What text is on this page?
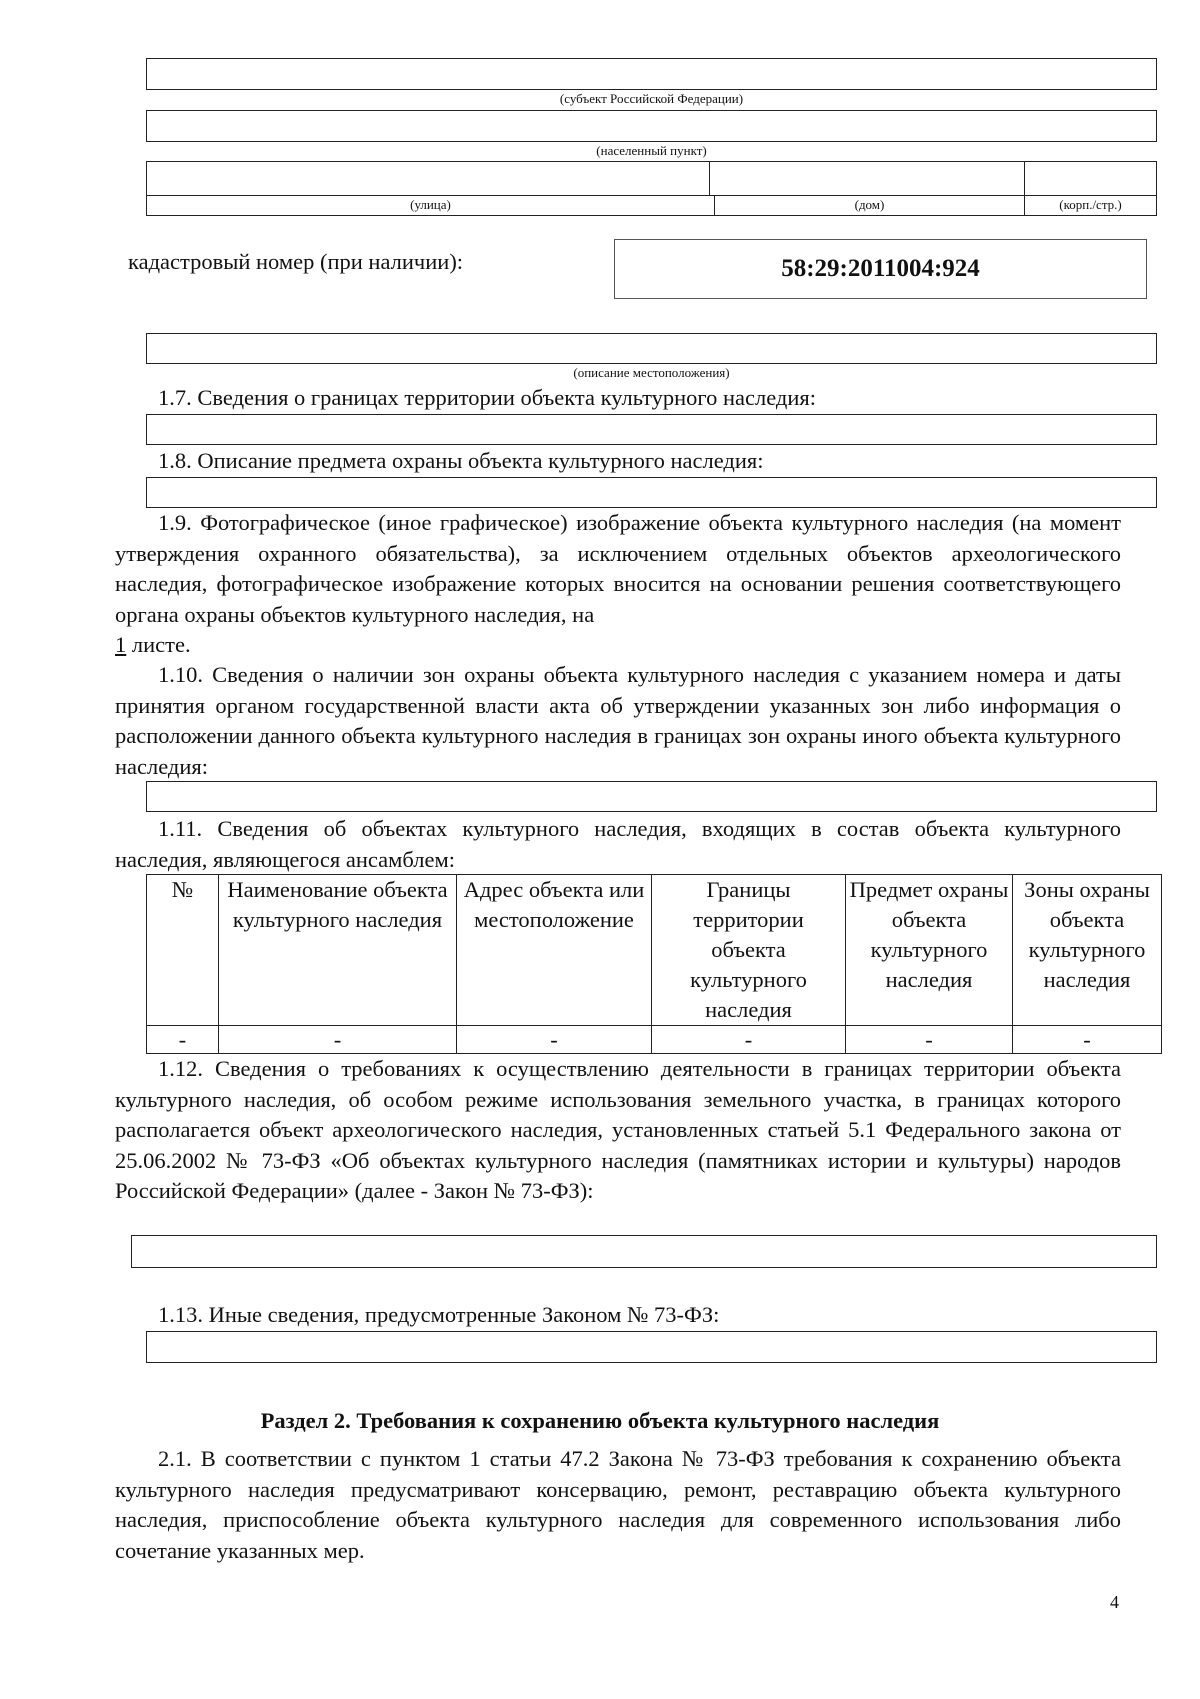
(субъект Российской Федерации)
(населенный пункт)
(улица)	(дом)	(корп./стр.)
кадастровый номер (при наличии):	58:29:2011004:924
(описание местоположения)
1.7. Сведения о границах территории объекта культурного наследия:
1.8. Описание предмета охраны объекта культурного наследия:
1.9. Фотографическое (иное графическое) изображение объекта культурного наследия (на момент утверждения охранного обязательства), за исключением отдельных объектов археологического наследия, фотографическое изображение которых вносится на основании решения соответствующего органа охраны объектов культурного наследия, на
1 листе.
1.10. Сведения о наличии зон охраны объекта культурного наследия с указанием номера и даты принятия органом государственной власти акта об утверждении указанных зон либо информация о расположении данного объекта культурного наследия в границах зон охраны иного объекта культурного наследия:
1.11. Сведения об объектах культурного наследия, входящих в состав объекта культурного наследия, являющегося ансамблем:
№	Наименование объекта культурного наследия	Адрес объекта или местоположение	Границы территории объекта культурного наследия	Предмет охраны объекта культурного наследия	Зоны охраны объекта культурного наследия
-	-	-	-	-	-
1.12. Сведения о требованиях к осуществлению деятельности в границах территории объекта культурного наследия, об особом режиме использования земельного участка, в границах которого располагается объект археологического наследия, установленных статьей 5.1 Федерального закона от 25.06.2002 № 73-ФЗ «Об объектах культурного наследия (памятниках истории и культуры) народов Российской Федерации» (далее - Закон № 73-ФЗ):
1.13. Иные сведения, предусмотренные Законом № 73-ФЗ:
Раздел 2. Требования к сохранению объекта культурного наследия
2.1. В соответствии с пунктом 1 статьи 47.2 Закона № 73-ФЗ требования к сохранению объекта культурного наследия предусматривают консервацию, ремонт, реставрацию объекта культурного наследия, приспособление объекта культурного наследия для современного использования либо сочетание указанных мер.
4
